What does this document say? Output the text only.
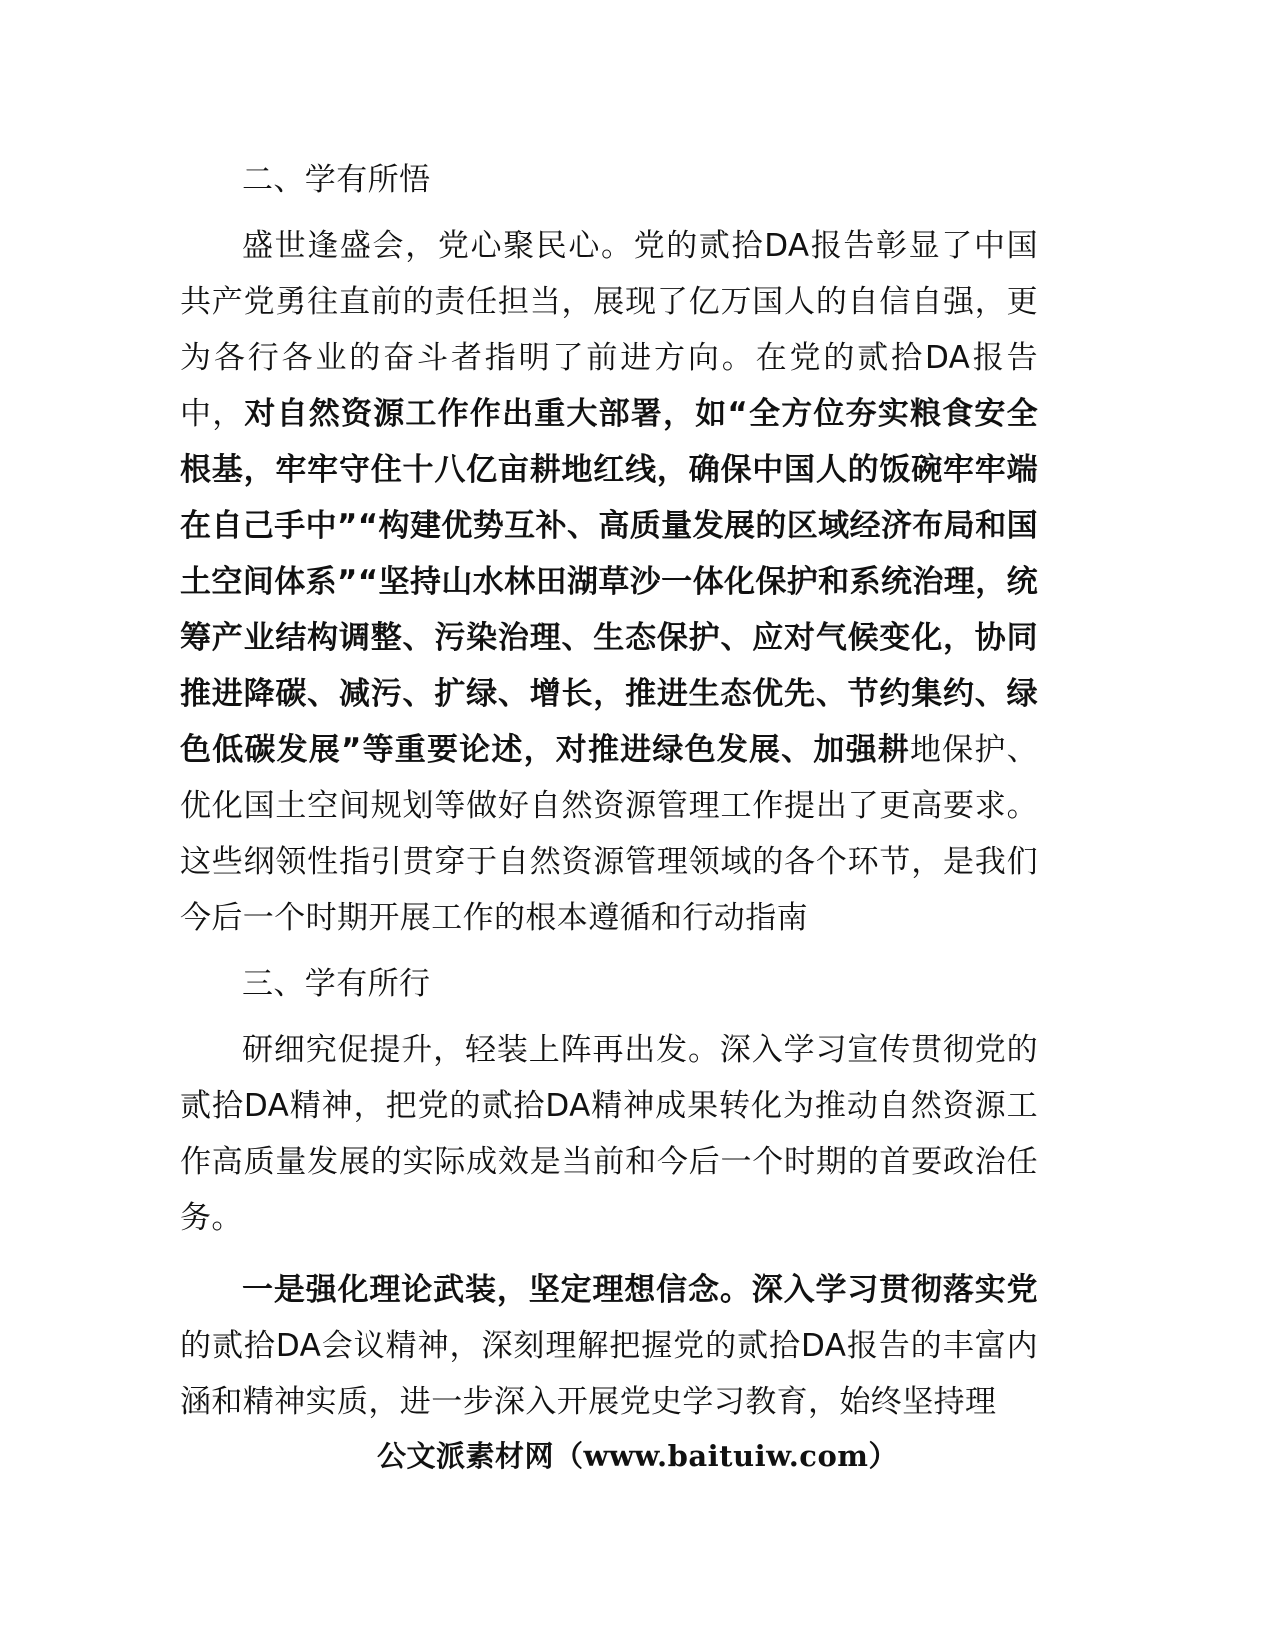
二、学有所悟

盛世逢盛会，党心聚民心。党的贰拾DA报告彰显了中国共产党勇往直前的责任担当，展现了亿万国人的自信自强，更为各行各业的奋斗者指明了前进方向。在党的贰拾DA报告中，对自然资源工作作出重大部署，如“全方位夯实粮食安全根基，牢牢守住十八亿亩耕地红线，确保中国人的饭碗牢牢端在自己手中”“构建优势互补、高质量发展的区域经济布局和国土空间体系”“坚持山水林田湖草沙一体化保护和系统治理，统筹产业结构调整、污染治理、生态保护、应对气候变化，协同推进降碳、减污、扩绿、增长，推进生态优先、节约集约、绿色低碳发展”等重要论述，对推进绿色发展、加强耕地保护、优化国土空间规划等做好自然资源管理工作提出了更高要求。这些纲领性指引贯穿于自然资源管理领域的各个环节，是我们今后一个时期开展工作的根本遵循和行动指南

三、学有所行

研细究促提升，轻装上阵再出发。深入学习宣传贯彻党的贰拾DA精神，把党的贰拾DA精神成果转化为推动自然资源工作高质量发展的实际成效是当前和今后一个时期的首要政治任务。

一是强化理论武装，坚定理想信念。深入学习贯彻落实党的贰拾DA会议精神，深刻理解把握党的贰拾DA报告的丰富内涵和精神实质，进一步深入开展党史学习教育，始终坚持理

公文派素材网（www.baituiw.com）
